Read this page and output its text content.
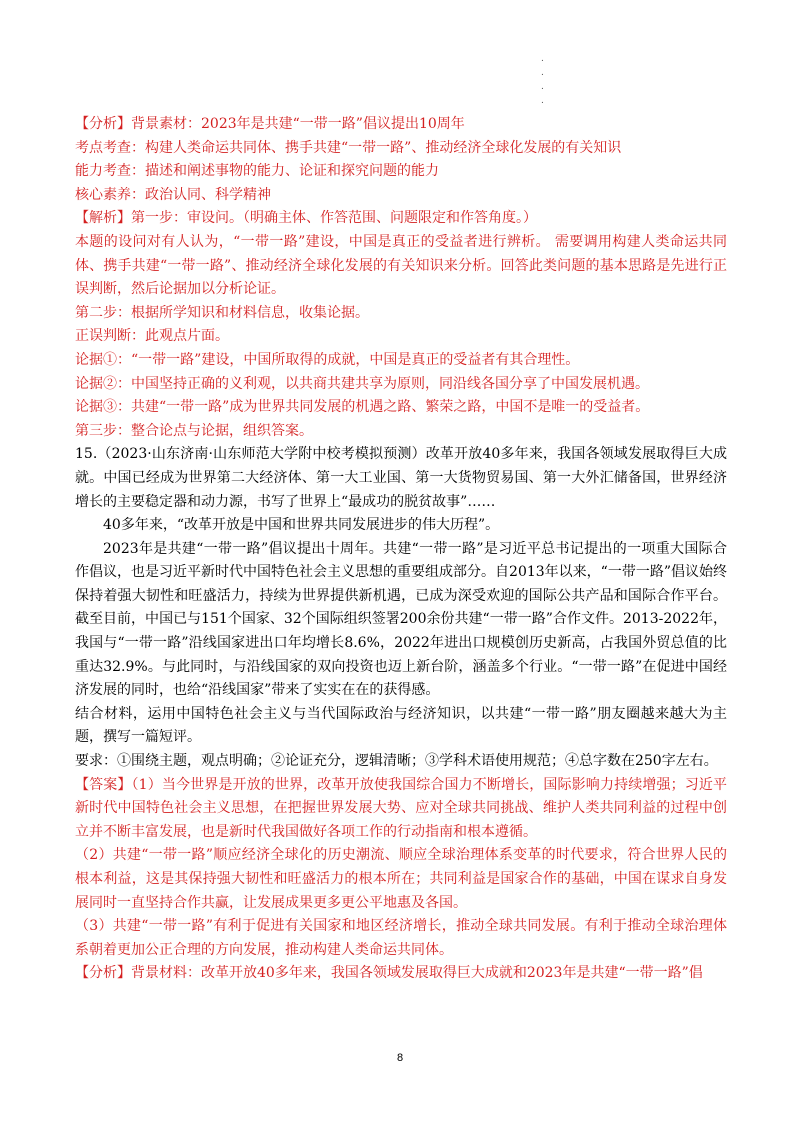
.
.
.
.
【分析】背景素材：2023年是共建“一带一路”倡议提出10周年
考点考查：构建人类命运共同体、携手共建“一带一路”、推动经济全球化发展的有关知识
能力考查：描述和阐述事物的能力、论证和探究问题的能力
核心素养：政治认同、科学精神
【解析】第一步：审设问。（明确主体、作答范围、问题限定和作答角度。）
本题的设问对有人认为，“一带一路”建设，中国是真正的受益者进行辨析。 需要调用构建人类命运共同体、携手共建“一带一路”、推动经济全球化发展的有关知识来分析。回答此类问题的基本思路是先进行正误判断，然后论据加以分析论证。
第二步：根据所学知识和材料信息，收集论据。
正误判断：此观点片面。
论据①：“一带一路”建设，中国所取得的成就，中国是真正的受益者有其合理性。
论据②：中国坚持正确的义利观，以共商共建共享为原则，同沿线各国分享了中国发展机遇。
论据③：共建“一带一路”成为世界共同发展的机遇之路、繁荣之路，中国不是唯一的受益者。
第三步：整合论点与论据，组织答案。
15.（2023·山东济南·山东师范大学附中校考模拟预测）改革开放40多年来，我国各领域发展取得巨大成就。中国已经成为世界第二大经济体、第一大工业国、第一大货物贸易国、第一大外汇储备国，世界经济增长的主要稳定器和动力源，书写了世界上“最成功的脱贫故事”……
40多年来，“改革开放是中国和世界共同发展进步的伟大历程”。
2023年是共建“一带一路”倡议提出十周年。共建“一带一路”是习近平总书记提出的一项重大国际合作倡议，也是习近平新时代中国特色社会主义思想的重要组成部分。自2013年以来，“一带一路”倡议始终保持着强大韧性和旺盛活力，持续为世界提供新机遇，已成为深受欢迎的国际公共产品和国际合作平台。截至目前，中国已与151个国家、32个国际组织签署200余份共建“一带一路”合作文件。2013-2022年，我国与“一带一路”沿线国家进出口年均增长8.6%，2022年进出口规模创历史新高，占我国外贸总值的比重达32.9%。与此同时，与沿线国家的双向投资也迈上新台阶，涵盖多个行业。“一带一路”在促进中国经济发展的同时，也给“沿线国家”带来了实实在在的获得感。
结合材料，运用中国特色社会主义与当代国际政治与经济知识，以共建“一带一路”朋友圈越来越大为主题，撰写一篇短评。
要求：①围绕主题，观点明确；②论证充分，逻辑清晰；③学科术语使用规范；④总字数在250字左右。
【答案】（1）当今世界是开放的世界，改革开放使我国综合国力不断增长，国际影响力持续增强；习近平新时代中国特色社会主义思想，在把握世界发展大势、应对全球共同挑战、维护人类共同利益的过程中创立并不断丰富发展，也是新时代我国做好各项工作的行动指南和根本遵循。
（2）共建“一带一路”顺应经济全球化的历史潮流、顺应全球治理体系变革的时代要求，符合世界人民的根本利益，这是其保持强大韧性和旺盛活力的根本所在；共同利益是国家合作的基础，中国在谋求自身发展同时一直坚持合作共赢，让发展成果更多更公平地惠及各国。
（3）共建“一带一路”有利于促进有关国家和地区经济增长，推动全球共同发展。有利于推动全球治理体系朝着更加公正合理的方向发展，推动构建人类命运共同体。
【分析】背景材料：改革开放40多年来，我国各领域发展取得巨大成就和2023年是共建“一带一路”倡
8
